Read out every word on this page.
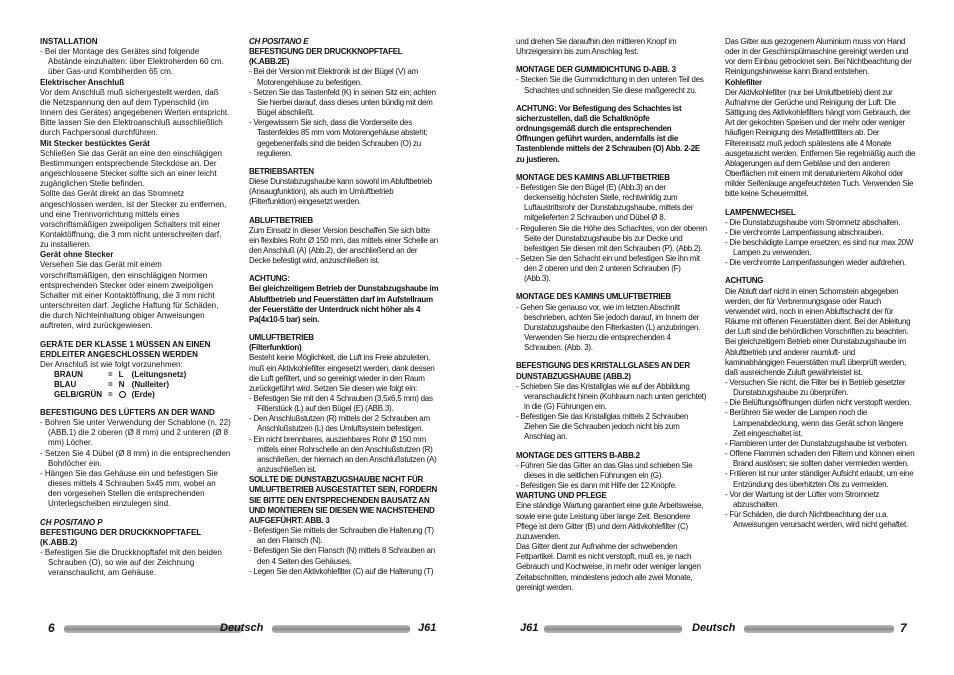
INSTALLATION

- Bei der Montage des Gerätes sind folgende Abstände einzuhalten: über Elektroherden 60 cm. über Gas-und Kombiherden 65 cm.

Elektrischer Anschluß

Vor dem Anschluß muß sichergestellt werden, daß die Netzspannung den auf dem Typenschild (im Innern des Gerätes) angegebenen Werten entspricht. Bitte lassen Sie den Elektroanschluß ausschließlich durch Fachpersonal durchführen.

Mit Stecker bestücktes Gerät

Schließen Sie das Gerät an eine den einschlägigen Bestimmungen entsprechende Steckdose an. Der angeschlossene Stecker sollte sich an einer leicht zugänglichen Stelle befinden.

Sollte das Gerät direkt an das Stromnetz angeschlossen werden, ist der Stecker zu entfernen, und eine Trennvorrichtung mittels eines vorschriftsmäßigen zweipoligen Schalters mit einer Kontaktöffnung, die 3 mm nicht unterschreiten darf, zu installieren.

Gerät ohne Stecker

Versehen Sie das Gerät mit einem vorschriftsmäßigen, den einschlägigen Normen entsprechenden Stecker oder einem zweipoligen Schalter mit einer Kontaktöffnung, die 3 mm nicht unterschreiten darf. Jegliche Haftung für Schäden, die durch Nichteinhaltung obiger Anweisungen auftreten, wird zurückgewiesen.

GERÄTE DER KLASSE 1 MÜSSEN AN EINEN ERDLEITER ANGESCHLOSSEN WERDEN

Der Anschluß ist wie folgt vorzunehmen:

BRAUN	=	L	(Leitungsnetz)
BLAU	=	N	(Nulleiter)
GELB/GRÜN	=		(Erde)

BEFESTIGUNG DES LÜFTERS AN DER WAND

- Bohren Sie unter Verwendung der Schablone (n. 22) (ABB.1) die 2 oberen (Ø 8 mm) und 2 unteren (Ø 8 mm) Löcher.

- Setzen Sie 4 Dübel (Ø 8 mm) in die entsprechenden Bohrlöcher ein.

- Hängen Sie das Gehäuse ein und befestigen Sie dieses mittels 4 Schrauben 5x45 mm, wobei an den vorgesehen Stellen die entsprechenden Unterlegscheiben einzulegen sind.

CH POSITANO P

BEFESTIGUNG DER DRUCKKNOPFTAFEL (K.ABB.2)

- Befestigen Sie die Druckknopftafel mit den beiden Schrauben (O), so wie auf der Zeichnung veranschaulicht, am Gehäuse.

CH POSITANO E

BEFESTIGUNG DER DRUCKKNOPFTAFEL (K.ABB.2E)

- Bei der Version mit Elektronik ist der Bügel (V) am Motorengehäuse zu befestigen.

- Setzen Sie das Tastenfeld (K) in seinen Sitz ein; achten Sie hierbei darauf, dass dieses unten bündig mit dem Bügel abschließt.

- Vergewissern Sie sich, dass die Vorderseite des Tastenfeldes 85 mm vom Motorengehäuse absteht; gegebenenfalls sind die beiden Schrauben (O) zu regulieren.

BETRIEBSARTEN

Diese Dunstabzugshaube kann sowohl im Abluftbetrieb (Ansaugfunktion), als auch im Umluftbetrieb (Filterfunktion) eingesetzt werden.

ABLUFTBETRIEB

Zum Einsatz in dieser Version beschaffen Sie sich bitte ein flexibles Rohr Ø 150 mm, das mittels einer Schelle an den Anschluß (A) (Abb.2), der anschließend an der Decke befestigt wird, anzuschließen ist.

ACHTUNG:

Bei gleichzeitigem Betrieb der Dunstabzugshaube im Abluftbetrieb und Feuerstätten darf im Aufstellraum der Feuerstätte der Unterdruck nicht höher als 4 Pa(4x10-5 bar) sein.

UMLUFTBETRIEB

(Filterfunktion)

Besteht keine Möglichkeit, die Luft ins Freie abzuleiten, muß ein Aktivkohlefilter eingesetzt werden, dank dessen die Luft gefiltert, und so gereinigt wieder in den Raum zurückgeführt wird. Setzen Sie diesen wie folgt ein:

- Befestigen Sie mit den 4 Schrauben (3,5x6,5 mm) das Filtierstück (L) auf den Bügel (E) (ABB.3).

- Den Anschlußstutzen (R) mittels der 2 Schrauben am Anschlußstutzen (L) des Umluftsystem befestigen.

- Ein nicht brennbares, ausziehbares Rohr Ø 150 mm mittels einer Rohrschelle an den Anschlußstutzen (R) anschließen, der hiernach an den Anschlußstutzen (A) anzuschließen ist.

SOLLTE DIE DUNSTABZUGSHAUBE NICHT FÜR UMLUFTBETRIEB AUSGESTATTET SEIN, FORDERN SIE BITTE DEN ENTSPRECHENDEN BAUSATZ AN UND MONTIEREN SIE DIESEN WIE NACHSTEHEND AUFGEFÜHRT: ABB. 3

- Befestigen Sie mittels der Schrauben die Halterung (T) an den Flansch (N).

- Befestigen Sie den Flansch (N) mittels 8 Schrauben an den 4 Seiten des Gehäuses.

- Legen Sie den Aktivkohlefilter (C) auf die Halterung (T)

und drehen Sie daraufhin den mittleren Knopf im Uhrzeigersinn bis zum Anschlag fest.

MONTAGE DER GUMMIDICHTUNG D-ABB. 3

- Stecken Sie die Gummidichtung in den unteren Teil des Schachtes und schneiden Sie diese maßgerecht zu.

ACHTUNG: Vor Befestigung des Schachtes ist sicherzustellen, daß die Schaltknöpfe ordnungsgemäß durch die entsprechenden Öffnungen geführt wurden, andernfalls ist die Tastenblende mittels der 2 Schrauben (O) Abb. 2-2E zu justieren.

MONTAGE DES KAMINS ABLUFTBETRIEB

- Befestigen Sie den Bügel (E) (Abb.3) an der deckenseitig höchsten Stelle, rechtwinklig zum Luftaustrittsrohr der Dunstabzugshaube, mittels der mitgelieferten 2 Schrauben und Dübel Ø 8.

- Regulieren Sie die Höhe des Schachtes, von der oberen Seite der Dunstabzugshaube bis zur Decke und befestigen Sie diesen mit den Schrauben (P). (Abb.2).

- Setzen Sie den Schacht ein und befestigen Sie ihn mit den 2 oberen und den 2 unteren Schrauben (F) (Abb.3).

MONTAGE DES KAMINS UMLUFTBETRIEB

- Gehen Sie genauso vor, wie im letzten Abschnitt beschrieben, achten Sie jedoch darauf, im Innern der Dunstabzugshaube den Filterkasten (L) anzubringen. Verwenden Sie hierzu die entsprechenden 4 Schrauben. (Abb. 3).

BEFESTIGUNG DES KRISTALLGLASES AN DER DUNSTABZUGSHAUBE (ABB.2)

- Schieben Sie das Kristallglas wie auf der Abbildung veranschaulicht hinein (Kohlraum nach unten gerichtet) in die (G) Führungen ein.

- Befestigen Sie das Kristallglas mittels 2 Schrauben Ziehen Sie die Schrauben jedoch nicht bis zum Anschlag an.

MONTAGE DES GITTERS B-ABB.2

- Führen Sie das Gitter an das Glas und schieben Sie dieses in die seitlichen Führungen ein (G).

- Befestigen Sie es dann mit Hilfe der 12 Knöpfe.

WARTUNG UND PFLEGE

Eine ständige Wartung garantiert eine gute Arbeitsweise, sowie eine gute Leistung über lange Zeit. Besondere Pflege ist dem Gitter (B) und dem Aktivkohlefilter (C) zuzuwenden.

Das Gitter dient zur Aufnahme der schwebenden Fettpartikel. Damit es nicht verstopft, muß es, je nach Gebrauch und Kochweise, in mehr oder weniger langen Zeitabschnitten, mindestens jedoch alle zwei Monate, gereinigt werden.

Das Gitter aus gezogenem Aluminium muss von Hand oder in der Geschirrspülmaschine gereinigt werden und vor dem Einbau getrocknet sein. Bei Nichtbeachtung der Reinigungshinweise kann Brand entstehen.

Kohlefilter

Der Aktivkohlefilter (nur bei Umluftbetrieb) dient zur Aufnahme der Gerüche und Reinigung der Luft. Die Sättigung des Aktivkohlefilters hängt vom Gebrauch, der Art der gekochten Speisen und der mehr oder weniger häufigen Reinigung des Metallfettfilters ab. Der Filtereinsatz muß jedoch spätestens alle 4 Monate ausgetauscht werden. Entfernen Sie regelmäßig auch die Ablagerungen auf dem Gebläse und den anderen Oberflächen mit einem mit denaturiertem Alkohol oder milder Seifenlauge angefeuchteten Tuch. Verwenden Sie bitte keine Scheuermittel.

LAMPENWECHSEL

- Die Dunstabzugshaube vom Stromnetz abschalten.

- Die verchromte Lampenfassung abschrauben.

- Die beschädigte Lampe ersetzen; es sind nur max 20W Lampen zu verwenden.

- Die verchromte Lampenfassungen wieder aufdrehen.

ACHTUNG

Die Abluft darf nicht in einen Schornstein abgegeben werden, der für Verbrennungsgase oder Rauch verwendet wird, noch in einen Abluftschacht der für Räume mit offenen Feuerstätten dient. Bei der Ableitung der Luft sind die behördlichen Vorschriften zu beachten. Bei gleichzeitigem Betrieb einer Dunstabzugshaube im Abluftbetrieb und anderer raumluft- und kaminabhängigen Feuerstätten muß überprüft werden, daß ausreichende Zuluft gewährleistet ist.

- Versuchen Sie nicht, die Filter bei in Betrieb gesetzter Dunstabzugshaube zu überprüfen.

- Die Belüftungsöffnungen dürfen nicht verstopft werden.

- Berühren Sie weder die Lampen noch die Lampenabdeckung, wenn das Gerät schon längere Zeit eingeschaltet ist.

- Flambieren unter der Dunstabzugshaube ist verboten.

- Offene Flammen schaden den Filtern und können einen Brand auslösen; sie sollten daher vermieden werden.

- Fritieren ist nur unter ständiger Aufsicht erlaubt, um eine Entzündung des überhitzten Öls zu vermeiden.

- Vor der Wartung ist der Lüfter vom Stromnetz abzuschalten.

- Für Schäden, die durch Nichtbeachtung der u.a. Anweisungen verursacht werden, wird nicht gehaftet.

6	Deutsch	J61	J61	Deutsch	7
